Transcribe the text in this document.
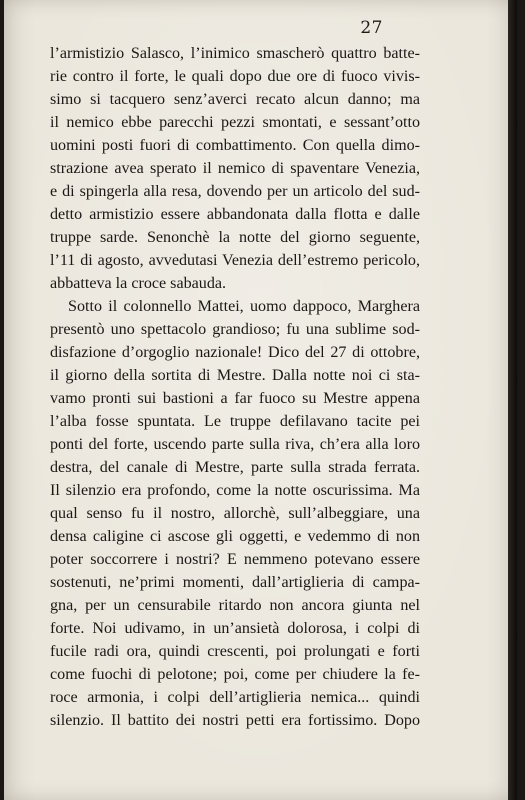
27
l’armistizio Salasco, l’inimico smascherò quattro batte-
rie contro il forte, le quali dopo due ore di fuoco vivis-
simo si tacquero senz’averci recato alcun danno; ma
il nemico ebbe parecchi pezzi smontati, e sessant’otto
uomini posti fuori di combattimento. Con quella dimo-
strazione avea sperato il nemico di spaventare Venezia,
e di spingerla alla resa, dovendo per un articolo del sud-
detto armistizio essere abbandonata dalla flotta e dalle
truppe sarde. Senonchè la notte del giorno seguente,
l’11 di agosto, avvedutasi Venezia dell’estremo pericolo,
abbatteva la croce sabauda.
Sotto il colonnello Mattei, uomo dappoco, Marghera
presentò uno spettacolo grandioso; fu una sublime sod-
disfazione d’orgoglio nazionale! Dico del 27 di ottobre,
il giorno della sortita di Mestre. Dalla notte noi ci sta-
vamo pronti sui bastioni a far fuoco su Mestre appena
l’alba fosse spuntata. Le truppe defilavano tacite pei
ponti del forte, uscendo parte sulla riva, ch’era alla loro
destra, del canale di Mestre, parte sulla strada ferrata.
Il silenzio era profondo, come la notte oscurissima. Ma
qual senso fu il nostro, allorchè, sull’albeggiare, una
densa caligine ci ascose gli oggetti, e vedemmo di non
poter soccorrere i nostri? E nemmeno potevano essere
sostenuti, ne’primi momenti, dall’artiglieria di campa-
gna, per un censurabile ritardo non ancora giunta nel
forte. Noi udivamo, in un’ansietà dolorosa, i colpi di
fucile radi ora, quindi crescenti, poi prolungati e forti
come fuochi di pelotone; poi, come per chiudere la fe-
roce armonia, i colpi dell’artiglieria nemica... quindi
silenzio. Il battito dei nostri petti era fortissimo. Dopo
